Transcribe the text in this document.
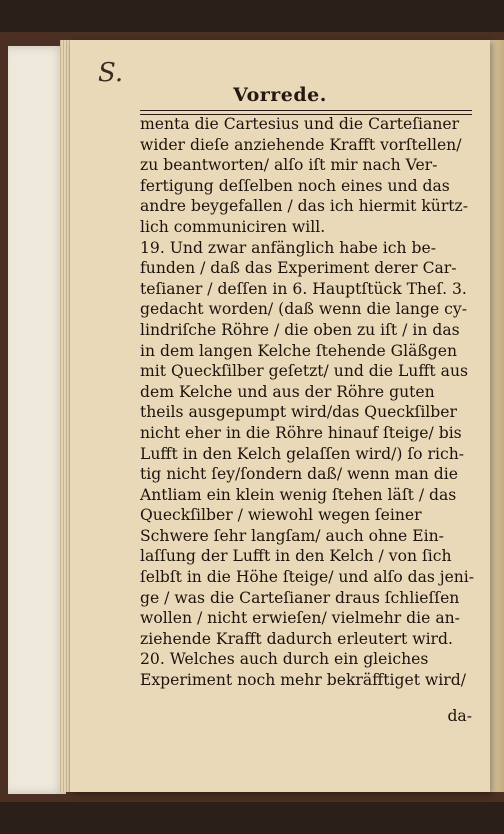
S.
Vorrede.
menta die Cartesius und die Carteſianer
wider dieſe anziehende Krafft vorſtellen/
zu beantworten/ alſo iſt mir nach Ver-
fertigung deſſelben noch eines und das
andre beygefallen / das ich hiermit kürtz-
lich communiciren will.
19. Und zwar anfänglich habe ich be-
funden / daß das Experiment derer Car-
teſianer / deſſen in 6. Hauptſtück Theſ. 3.
gedacht worden/ (daß wenn die lange cy-
lindriſche Röhre / die oben zu iſt / in das
in dem langen Kelche ſtehende Gläßgen
mit Queckſilber geſetzt/ und die Lufft aus
dem Kelche und aus der Röhre guten
theils ausgepumpt wird/das Queckſilber
nicht eher in die Röhre hinauf ſteige/ bis
Lufft in den Kelch gelaſſen wird/) ſo rich-
tig nicht ſey/ſondern daß/ wenn man die
Antliam ein klein wenig ſtehen läſt / das
Queckſilber / wiewohl wegen ſeiner
Schwere ſehr langſam/ auch ohne Ein-
laſſung der Lufft in den Kelch / von ſich
ſelbſt in die Höhe ſteige/ und alſo das jeni-
ge / was die Carteſianer draus ſchlieſſen
wollen / nicht erwieſen/ vielmehr die an-
ziehende Krafft dadurch erleutert wird.
20. Welches auch durch ein gleiches
Experiment noch mehr bekräfftiget wird/
da-
